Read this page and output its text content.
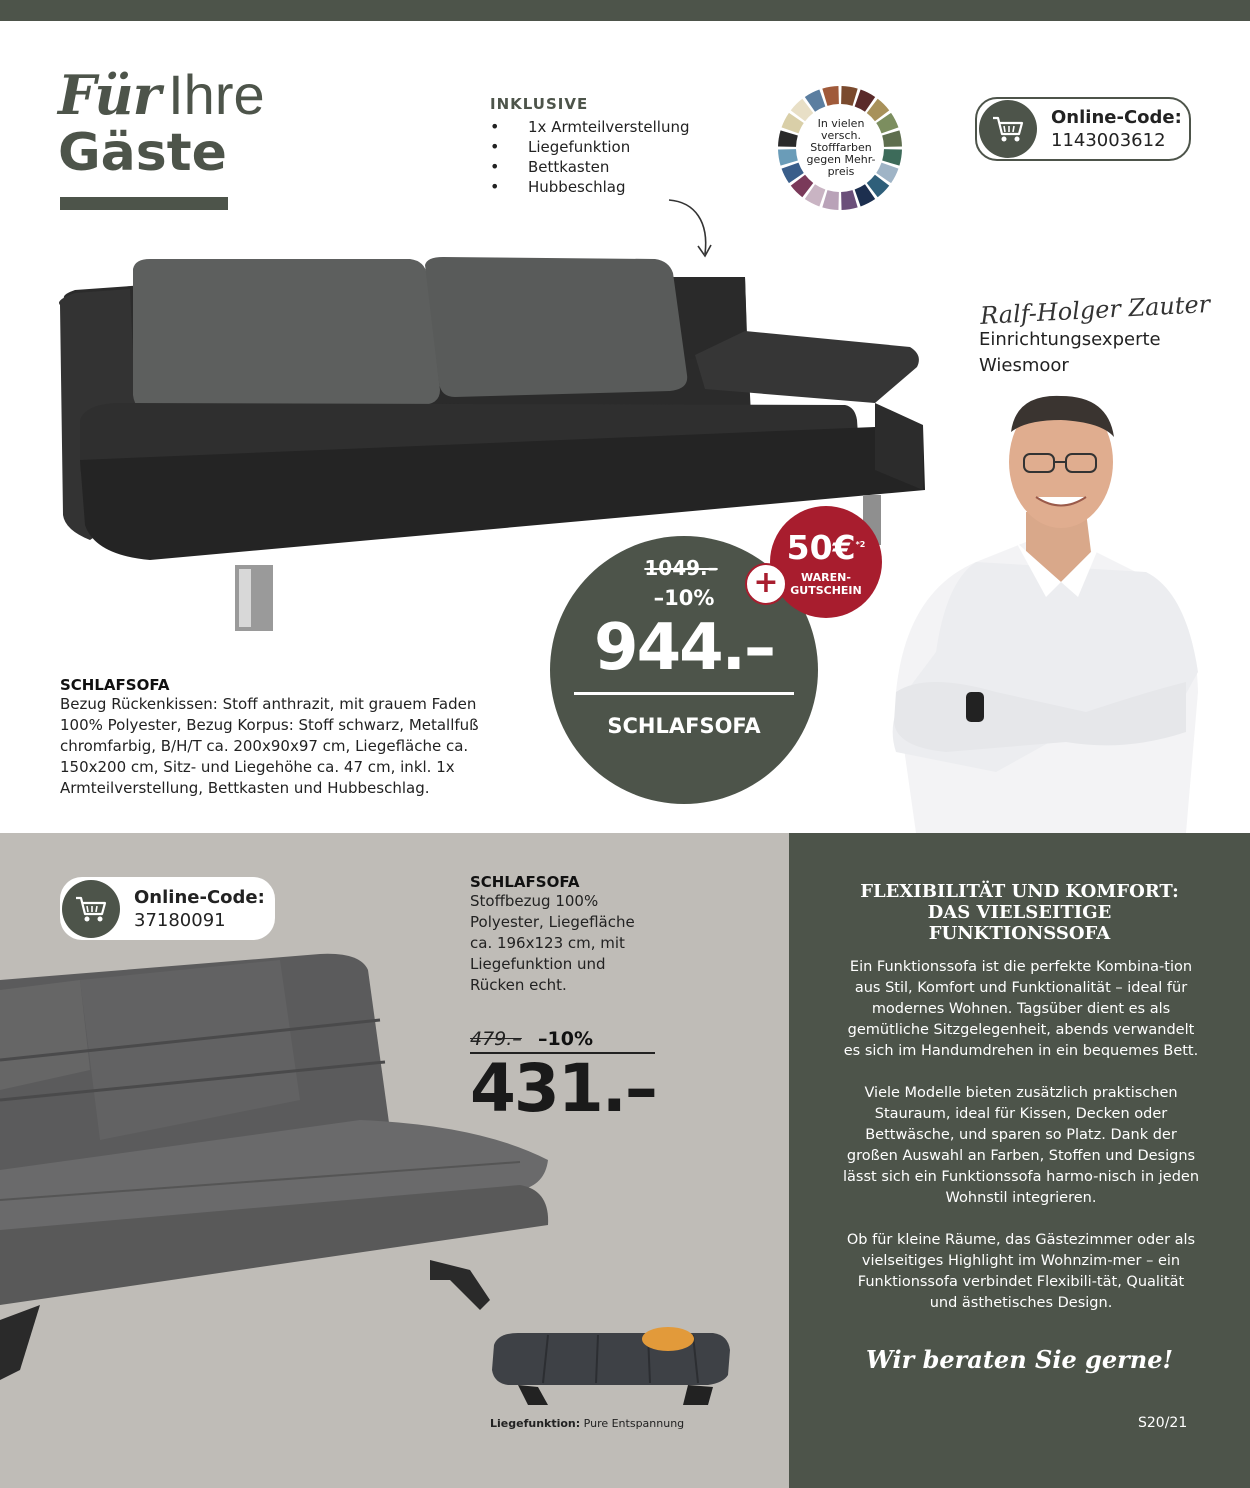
Für Ihre
Gäste
INKLUSIVE
• 1x Armteilverstellung
• Liegefunktion
• Bettkasten
• Hubbeschlag
In vielen versch. Stofffarben gegen Mehr-preis
Online-Code:
1143003612
Ralf-Holger Zauter
Einrichtungsexperte
Wiesmoor
1049.–
–10%
944.–
SCHLAFSOFA
50€$^{*2}$
WAREN-
GUTSCHEIN
+
SCHLAFSOFA
Bezug Rückenkissen: Stoff anthrazit, mit grauem Faden 100% Polyester, Bezug Korpus: Stoff schwarz, Metallfuß chromfarbig, B/H/T ca. 200x90x97 cm, Liegefläche ca. 150x200 cm, Sitz- und Liegehöhe ca. 47 cm, inkl. 1x Armteilverstellung, Bettkasten und Hubbeschlag.
Online-Code:
37180091
SCHLAFSOFA
Stoffbezug 100% Polyester, Liegefläche ca. 196x123 cm, mit Liegefunktion und Rücken echt.
479.– –10%
431.–
Liegefunktion: Pure Entspannung
FLEXIBILITÄT UND KOMFORT:
DAS VIELSEITIGE
FUNKTIONSSOFA

Ein Funktionssofa ist die perfekte Kombina-tion aus Stil, Komfort und Funktionalität – ideal für modernes Wohnen. Tagsüber dient es als gemütliche Sitzgelegenheit, abends verwandelt es sich im Handumdrehen in ein bequemes Bett.

Viele Modelle bieten zusätzlich praktischen Stauraum, ideal für Kissen, Decken oder Bettwäsche, und sparen so Platz. Dank der großen Auswahl an Farben, Stoffen und Designs lässt sich ein Funktionssofa harmo-nisch in jeden Wohnstil integrieren.

Ob für kleine Räume, das Gästezimmer oder als vielseitiges Highlight im Wohnzim-mer – ein Funktionssofa verbindet Flexibili-tät, Qualität und ästhetisches Design.

Wir beraten Sie gerne!
S20/21
